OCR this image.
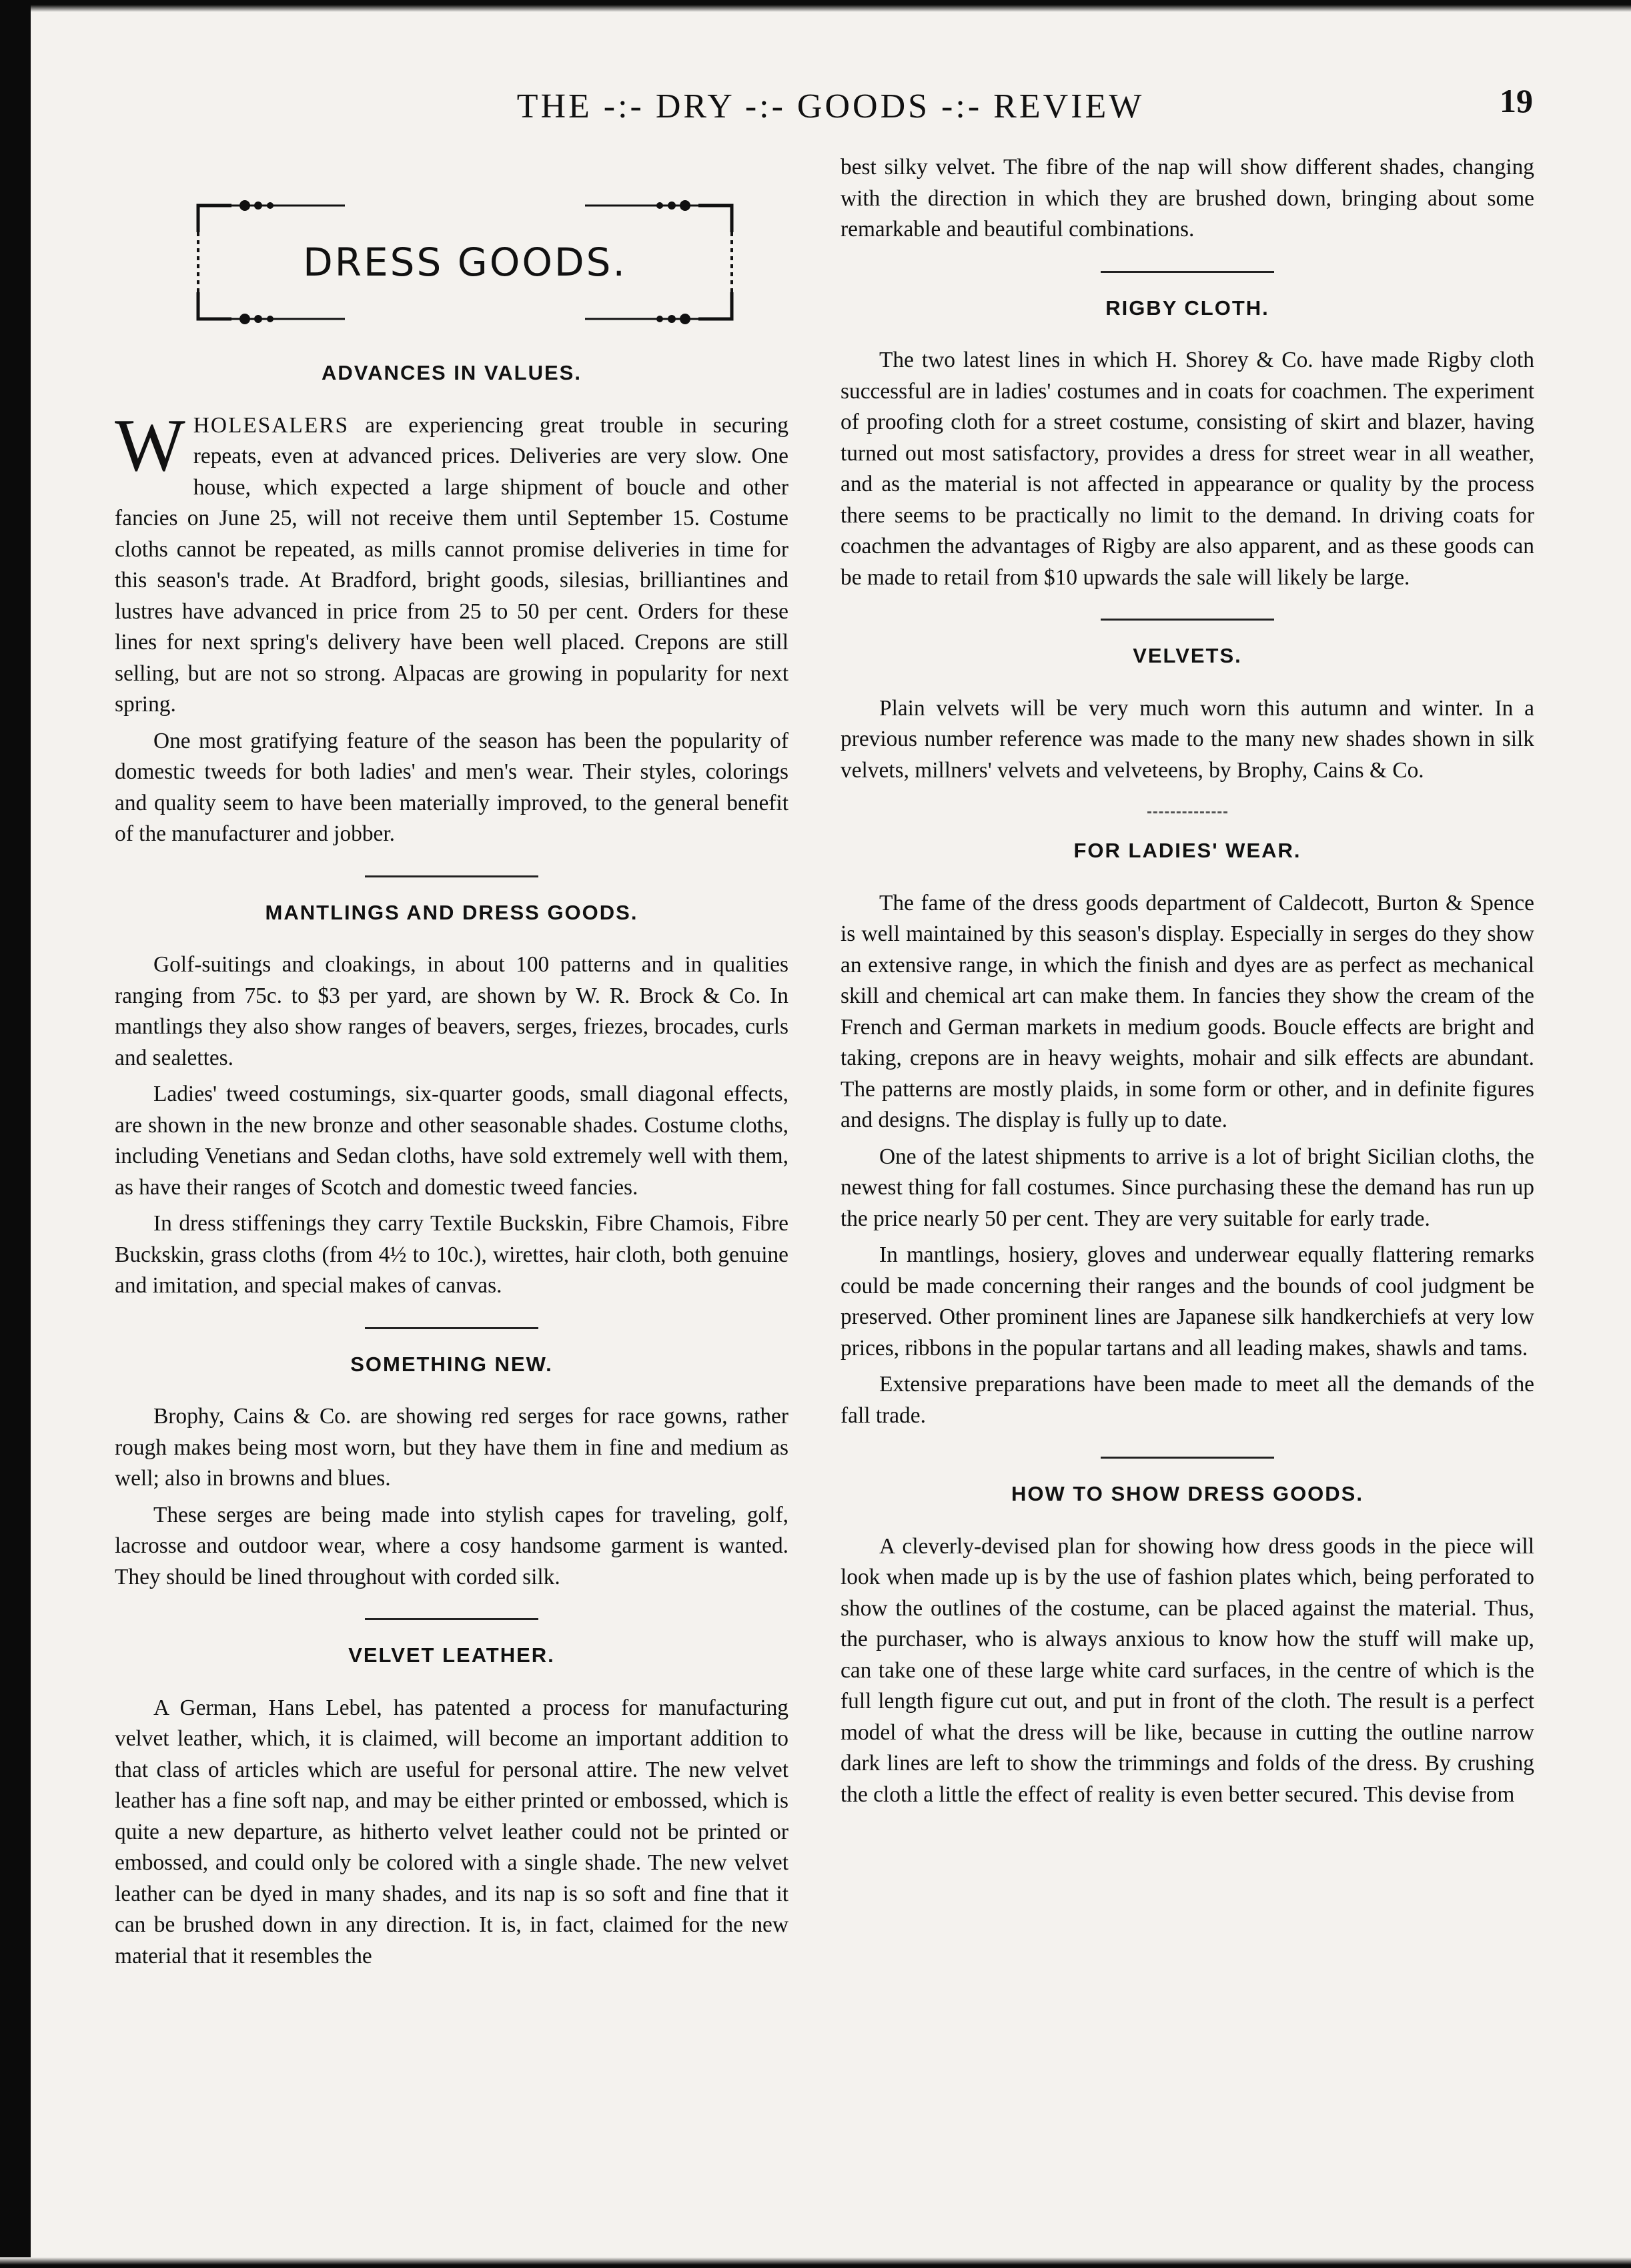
THE -:- DRY -:- GOODS -:- REVIEW	19
DRESS GOODS.
ADVANCES IN VALUES.

WHOLESALERS are experiencing great trouble in securing repeats, even at advanced prices. Deliveries are very slow. One house, which expected a large shipment of boucle and other fancies on June 25, will not receive them until September 15. Costume cloths cannot be repeated, as mills cannot promise deliveries in time for this season's trade. At Bradford, bright goods, silesias, brilliantines and lustres have advanced in price from 25 to 50 per cent. Orders for these lines for next spring's delivery have been well placed. Crepons are still selling, but are not so strong. Alpacas are growing in popularity for next spring.

One most gratifying feature of the season has been the popularity of domestic tweeds for both ladies' and men's wear. Their styles, colorings and quality seem to have been materially improved, to the general benefit of the manufacturer and jobber.

MANTLINGS AND DRESS GOODS.

Golf-suitings and cloakings, in about 100 patterns and in qualities ranging from 75c. to $3 per yard, are shown by W. R. Brock & Co. In mantlings they also show ranges of beavers, serges, friezes, brocades, curls and sealettes.

Ladies' tweed costumings, six-quarter goods, small diagonal effects, are shown in the new bronze and other seasonable shades. Costume cloths, including Venetians and Sedan cloths, have sold extremely well with them, as have their ranges of Scotch and domestic tweed fancies.

In dress stiffenings they carry Textile Buckskin, Fibre Chamois, Fibre Buckskin, grass cloths (from 4½ to 10c.), wirettes, hair cloth, both genuine and imitation, and special makes of canvas.

SOMETHING NEW.

Brophy, Cains & Co. are showing red serges for race gowns, rather rough makes being most worn, but they have them in fine and medium as well; also in browns and blues.

These serges are being made into stylish capes for traveling, golf, lacrosse and outdoor wear, where a cosy handsome garment is wanted. They should be lined throughout with corded silk.

VELVET LEATHER.

A German, Hans Lebel, has patented a process for manufacturing velvet leather, which, it is claimed, will become an important addition to that class of articles which are useful for personal attire. The new velvet leather has a fine soft nap, and may be either printed or embossed, which is quite a new departure, as hitherto velvet leather could not be printed or embossed, and could only be colored with a single shade. The new velvet leather can be dyed in many shades, and its nap is so soft and fine that it can be brushed down in any direction. It is, in fact, claimed for the new material that it resembles the

best silky velvet. The fibre of the nap will show different shades, changing with the direction in which they are brushed down, bringing about some remarkable and beautiful combinations.

RIGBY CLOTH.

The two latest lines in which H. Shorey & Co. have made Rigby cloth successful are in ladies' costumes and in coats for coachmen. The experiment of proofing cloth for a street costume, consisting of skirt and blazer, having turned out most satisfactory, provides a dress for street wear in all weather, and as the material is not affected in appearance or quality by the process there seems to be practically no limit to the demand. In driving coats for coachmen the advantages of Rigby are also apparent, and as these goods can be made to retail from $10 upwards the sale will likely be large.

VELVETS.

Plain velvets will be very much worn this autumn and winter. In a previous number reference was made to the many new shades shown in silk velvets, millners' velvets and velveteens, by Brophy, Cains & Co.

FOR LADIES' WEAR.

The fame of the dress goods department of Caldecott, Burton & Spence is well maintained by this season's display. Especially in serges do they show an extensive range, in which the finish and dyes are as perfect as mechanical skill and chemical art can make them. In fancies they show the cream of the French and German markets in medium goods. Boucle effects are bright and taking, crepons are in heavy weights, mohair and silk effects are abundant. The patterns are mostly plaids, in some form or other, and in definite figures and designs. The display is fully up to date.

One of the latest shipments to arrive is a lot of bright Sicilian cloths, the newest thing for fall costumes. Since purchasing these the demand has run up the price nearly 50 per cent. They are very suitable for early trade.

In mantlings, hosiery, gloves and underwear equally flattering remarks could be made concerning their ranges and the bounds of cool judgment be preserved. Other prominent lines are Japanese silk handkerchiefs at very low prices, ribbons in the popular tartans and all leading makes, shawls and tams.

Extensive preparations have been made to meet all the demands of the fall trade.

HOW TO SHOW DRESS GOODS.

A cleverly-devised plan for showing how dress goods in the piece will look when made up is by the use of fashion plates which, being perforated to show the outlines of the costume, can be placed against the material. Thus, the purchaser, who is always anxious to know how the stuff will make up, can take one of these large white card surfaces, in the centre of which is the full length figure cut out, and put in front of the cloth. The result is a perfect model of what the dress will be like, because in cutting the outline narrow dark lines are left to show the trimmings and folds of the dress. By crushing the cloth a little the effect of reality is even better secured. This devise from
